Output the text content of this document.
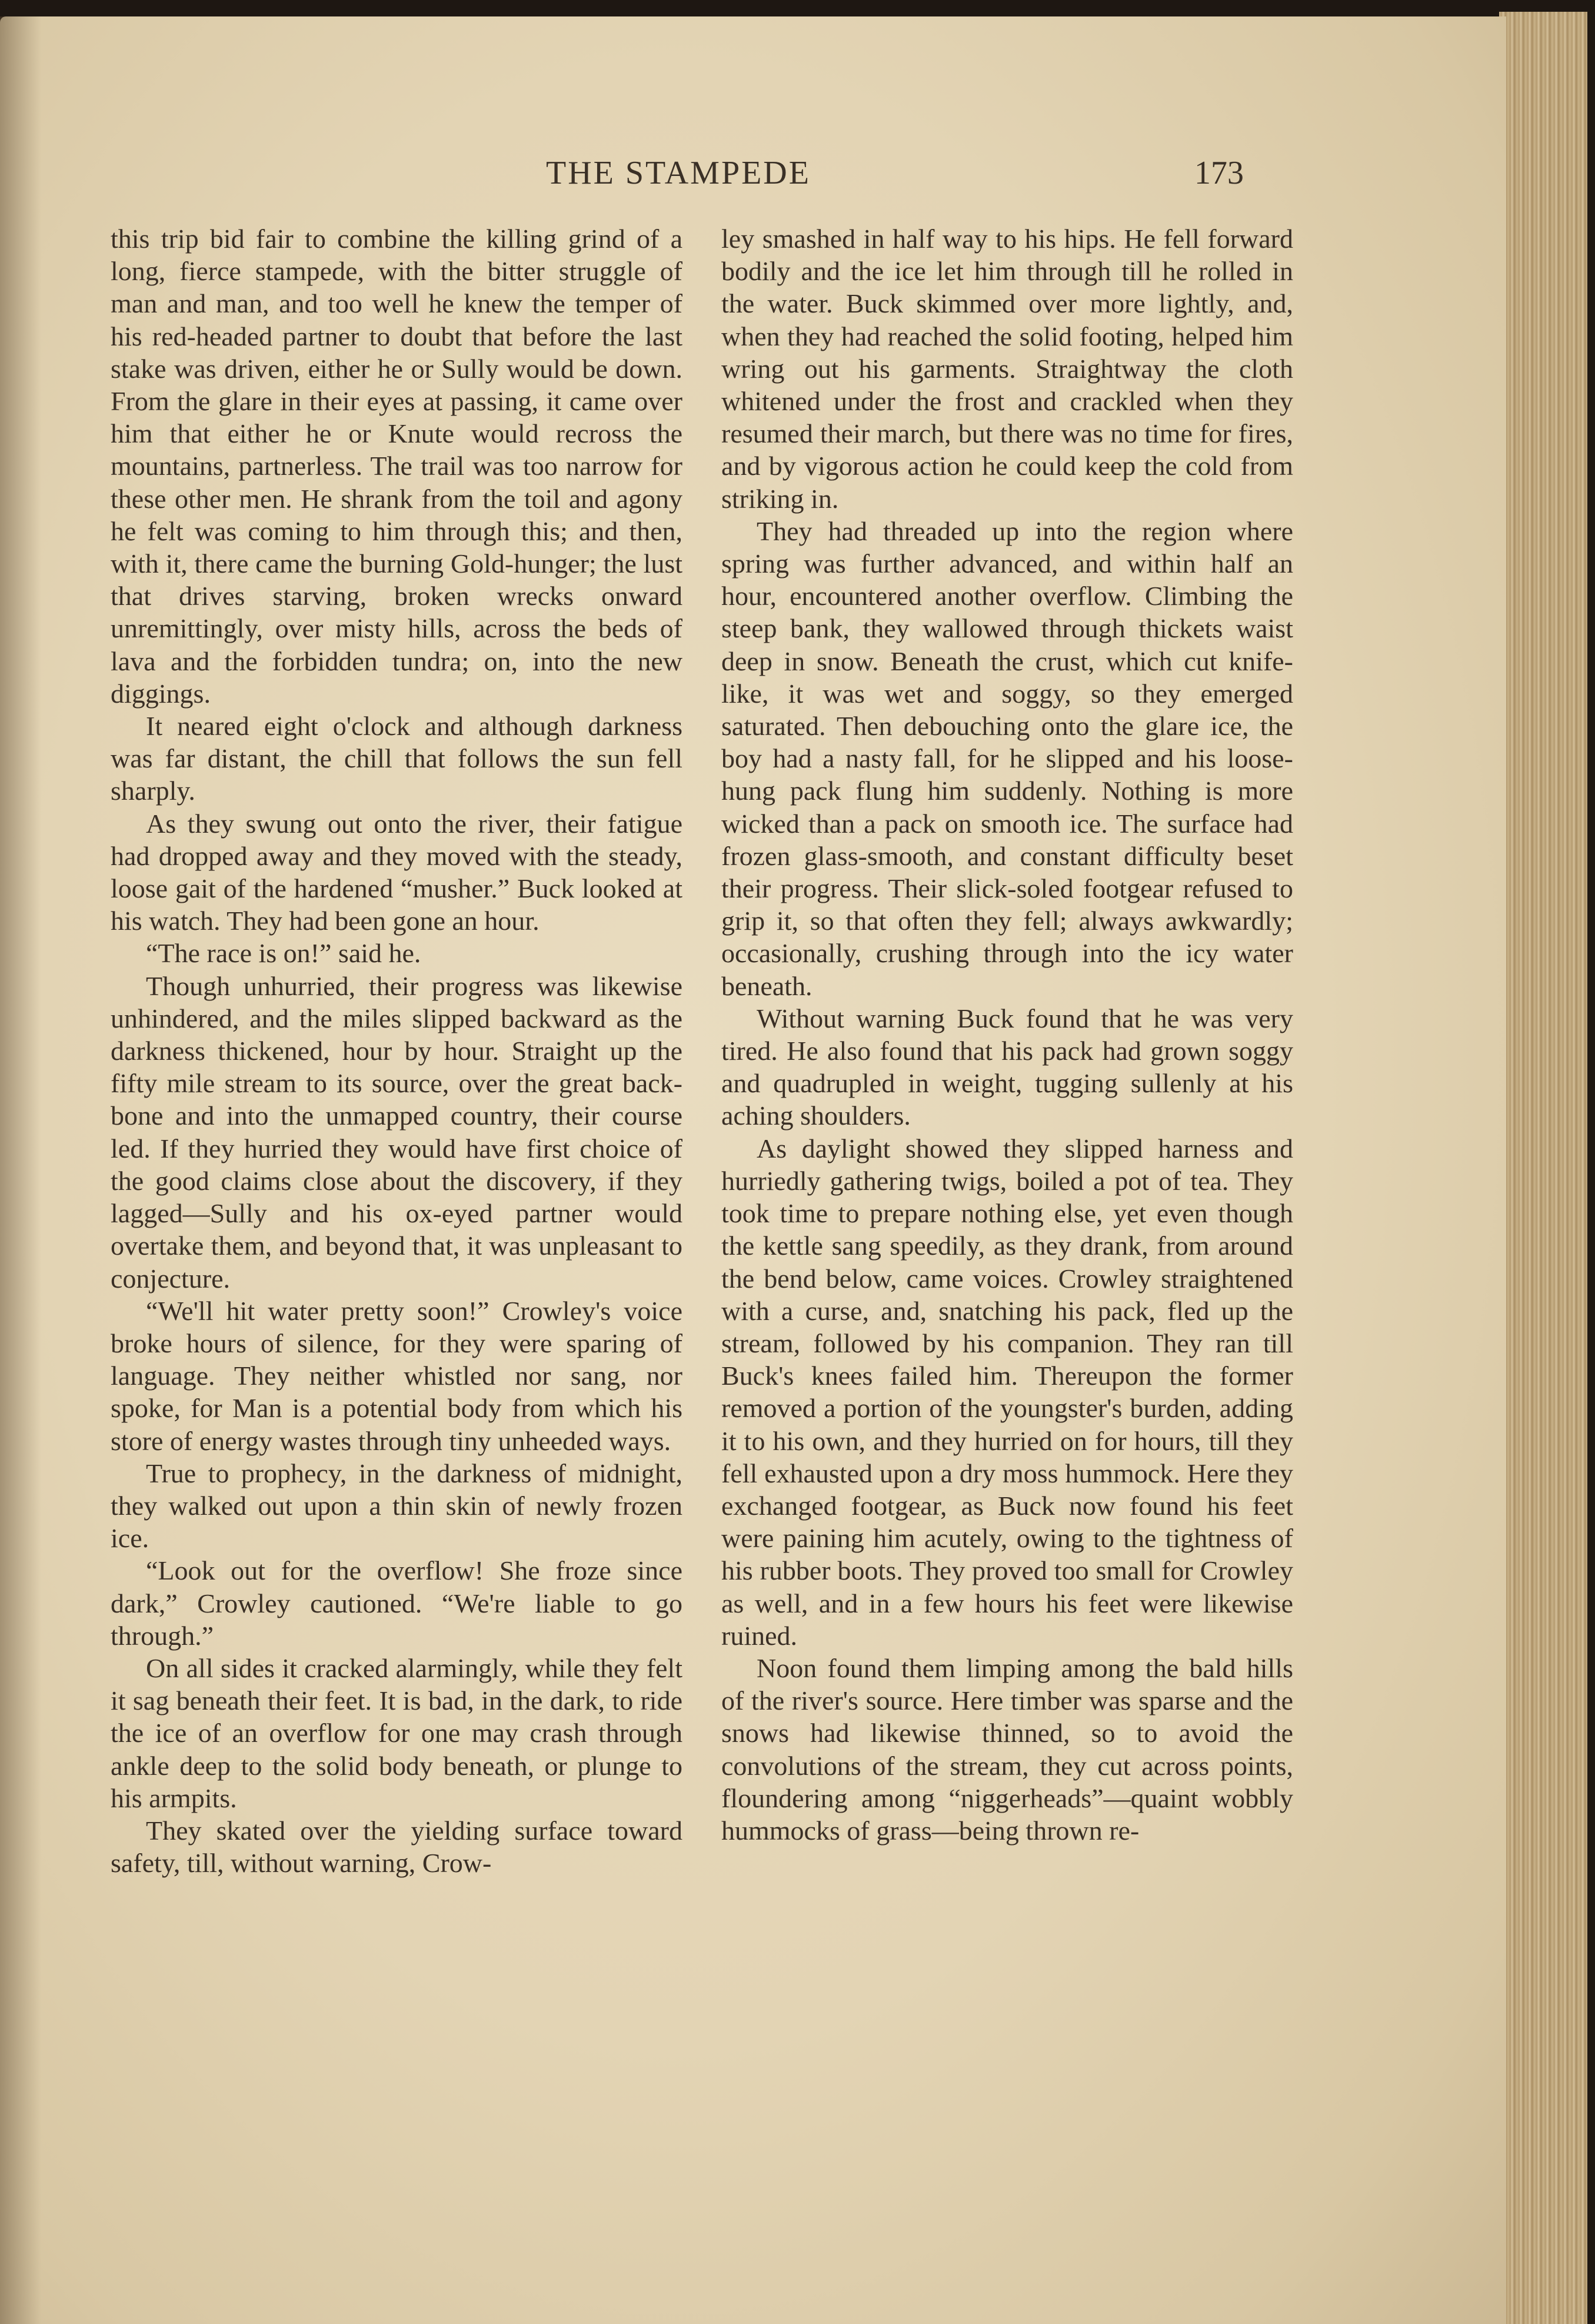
THE STAMPEDE	173

this trip bid fair to combine the killing grind of a long, fierce stampede, with the bitter struggle of man and man, and too well he knew the temper of his red-headed partner to doubt that before the last stake was driven, either he or Sully would be down. From the glare in their eyes at passing, it came over him that either he or Knute would recross the mountains, partnerless. The trail was too narrow for these other men. He shrank from the toil and agony he felt was coming to him through this; and then, with it, there came the burning Gold-hunger; the lust that drives starving, broken wrecks onward unremittingly, over misty hills, across the beds of lava and the forbidden tundra; on, into the new diggings.

It neared eight o'clock and although darkness was far distant, the chill that follows the sun fell sharply.

As they swung out onto the river, their fatigue had dropped away and they moved with the steady, loose gait of the hardened “musher.” Buck looked at his watch. They had been gone an hour.

“The race is on!” said he.

Though unhurried, their progress was likewise unhindered, and the miles slipped backward as the darkness thickened, hour by hour. Straight up the fifty mile stream to its source, over the great back-bone and into the unmapped country, their course led. If they hurried they would have first choice of the good claims close about the discovery, if they lagged—Sully and his ox-eyed partner would overtake them, and beyond that, it was unpleasant to conjecture.

“We'll hit water pretty soon!” Crowley's voice broke hours of silence, for they were sparing of language. They neither whistled nor sang, nor spoke, for Man is a potential body from which his store of energy wastes through tiny unheeded ways.

True to prophecy, in the darkness of midnight, they walked out upon a thin skin of newly frozen ice.

“Look out for the overflow! She froze since dark,” Crowley cautioned. “We're liable to go through.”

On all sides it cracked alarmingly, while they felt it sag beneath their feet. It is bad, in the dark, to ride the ice of an overflow for one may crash through ankle deep to the solid body beneath, or plunge to his armpits.

They skated over the yielding surface toward safety, till, without warning, Crow-

ley smashed in half way to his hips. He fell forward bodily and the ice let him through till he rolled in the water. Buck skimmed over more lightly, and, when they had reached the solid footing, helped him wring out his garments. Straightway the cloth whitened under the frost and crackled when they resumed their march, but there was no time for fires, and by vigorous action he could keep the cold from striking in.

They had threaded up into the region where spring was further advanced, and within half an hour, encountered another overflow. Climbing the steep bank, they wallowed through thickets waist deep in snow. Beneath the crust, which cut knife-like, it was wet and soggy, so they emerged saturated. Then debouching onto the glare ice, the boy had a nasty fall, for he slipped and his loose-hung pack flung him suddenly. Nothing is more wicked than a pack on smooth ice. The surface had frozen glass-smooth, and constant difficulty beset their progress. Their slick-soled footgear refused to grip it, so that often they fell; always awkwardly; occasionally, crushing through into the icy water beneath.

Without warning Buck found that he was very tired. He also found that his pack had grown soggy and quadrupled in weight, tugging sullenly at his aching shoulders.

As daylight showed they slipped harness and hurriedly gathering twigs, boiled a pot of tea. They took time to prepare nothing else, yet even though the kettle sang speedily, as they drank, from around the bend below, came voices. Crowley straightened with a curse, and, snatching his pack, fled up the stream, followed by his companion. They ran till Buck's knees failed him. Thereupon the former removed a portion of the youngster's burden, adding it to his own, and they hurried on for hours, till they fell exhausted upon a dry moss hummock. Here they exchanged footgear, as Buck now found his feet were paining him acutely, owing to the tightness of his rubber boots. They proved too small for Crowley as well, and in a few hours his feet were likewise ruined.

Noon found them limping among the bald hills of the river's source. Here timber was sparse and the snows had likewise thinned, so to avoid the convolutions of the stream, they cut across points, floundering among “niggerheads”—quaint wobbly hummocks of grass—being thrown re-
